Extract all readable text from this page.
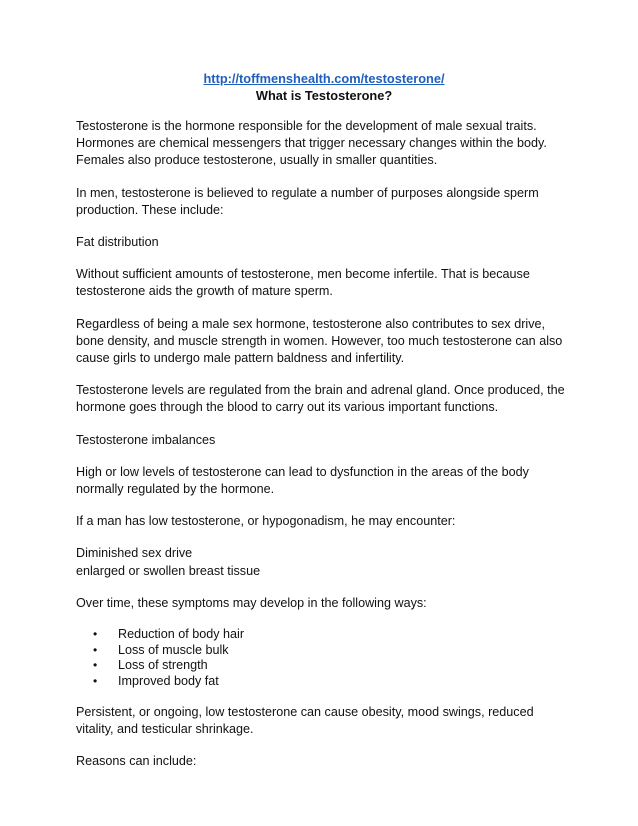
http://toffmenshealth.com/testosterone/
What is Testosterone?

Testosterone is the hormone responsible for the development of male sexual traits. Hormones are chemical messengers that trigger necessary changes within the body. Females also produce testosterone, usually in smaller quantities.

In men, testosterone is believed to regulate a number of purposes alongside sperm production. These include:

Fat distribution

Without sufficient amounts of testosterone, men become infertile. That is because testosterone aids the growth of mature sperm.

Regardless of being a male sex hormone, testosterone also contributes to sex drive, bone density, and muscle strength in women. However, too much testosterone can also cause girls to undergo male pattern baldness and infertility.

Testosterone levels are regulated from the brain and adrenal gland. Once produced, the hormone goes through the blood to carry out its various important functions.

Testosterone imbalances

High or low levels of testosterone can lead to dysfunction in the areas of the body normally regulated by the hormone.

If a man has low testosterone, or hypogonadism, he may encounter:

Diminished sex drive
enlarged or swollen breast tissue

Over time, these symptoms may develop in the following ways:

• Reduction of body hair
• Loss of muscle bulk
• Loss of strength
• Improved body fat

Persistent, or ongoing, low testosterone can cause obesity, mood swings, reduced vitality, and testicular shrinkage.

Reasons can include:
